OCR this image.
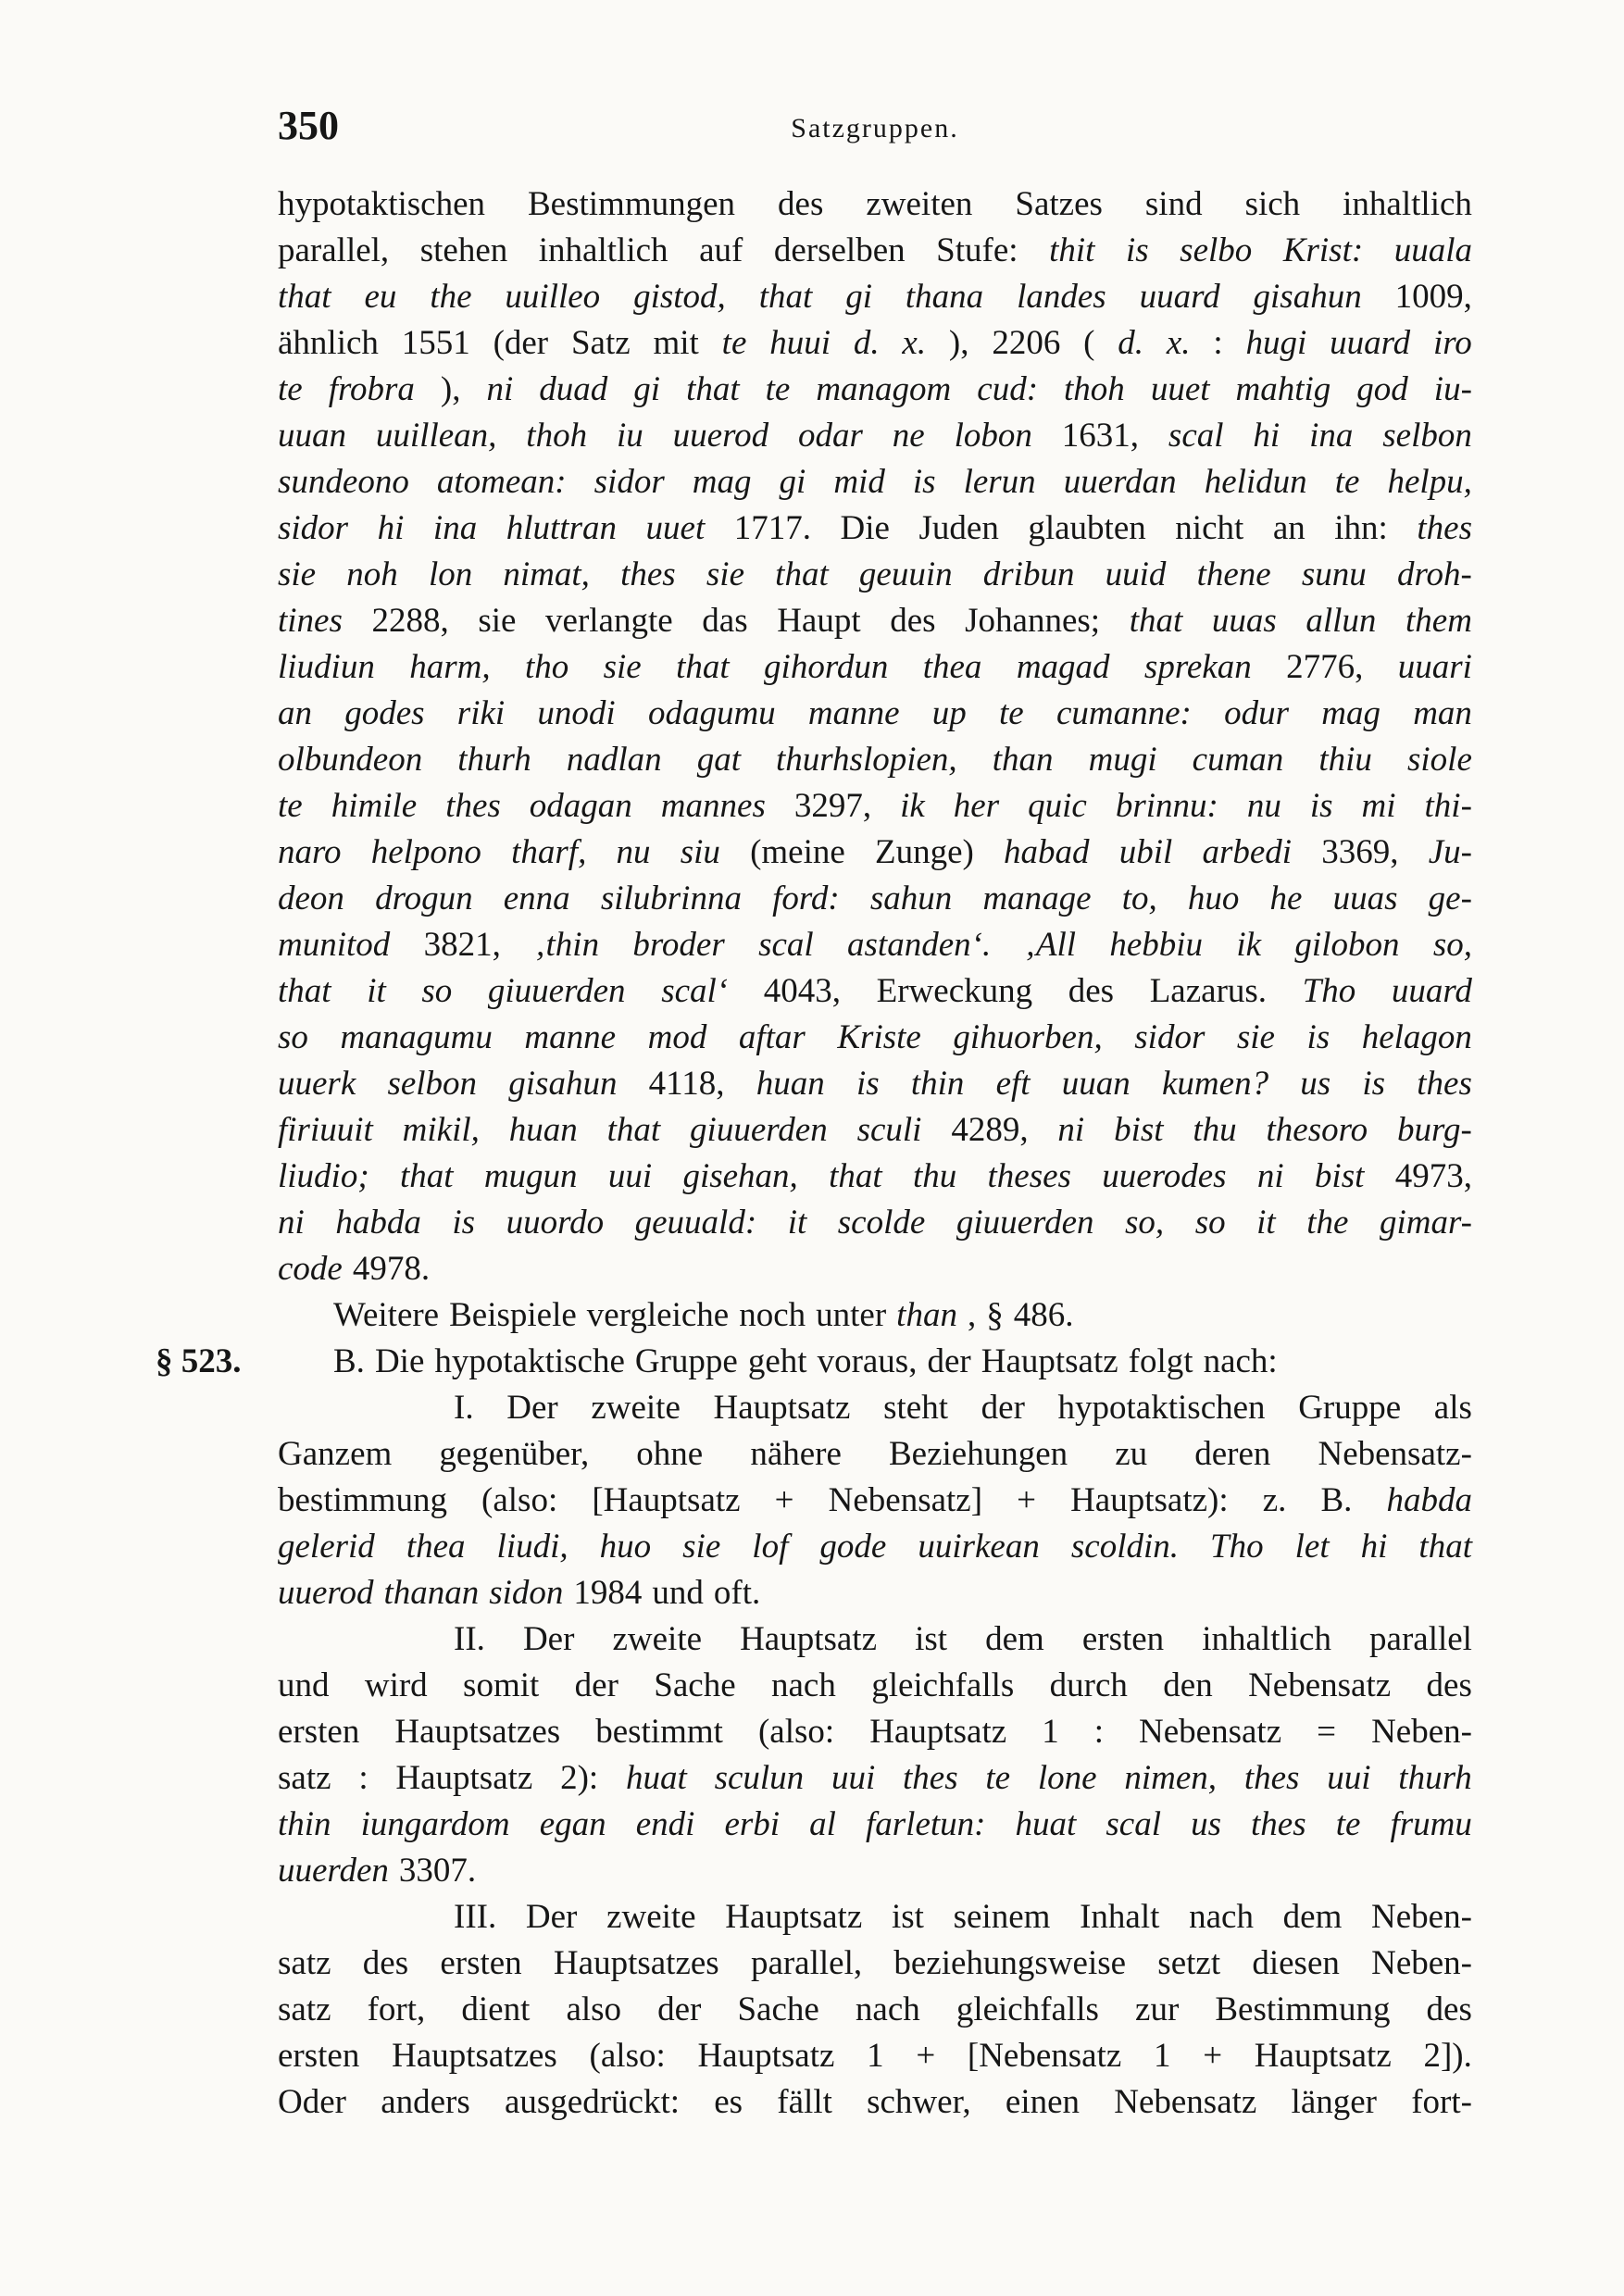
350	Satzgruppen.
hypotaktischen Bestimmungen des zweiten Satzes sind sich inhaltlich
parallel, stehen inhaltlich auf derselben Stufe: thit is selbo Krist: uuala
that eu the uuilleo gistod, that gi thana landes uuard gisahun 1009,
ähnlich 1551 (der Satz mit te huui d. x. ), 2206 ( d. x. : hugi uuard iro
te frobra ), ni duad gi that te managom cud: thoh uuet mahtig god iu-
uuan uuillean, thoh iu uuerod odar ne lobon 1631, scal hi ina selbon
sundeono atomean: sidor mag gi mid is lerun uuerdan helidun te helpu,
sidor hi ina hluttran uuet 1717. Die Juden glaubten nicht an ihn: thes
sie noh lon nimat, thes sie that geuuin dribun uuid thene sunu droh-
tines 2288, sie verlangte das Haupt des Johannes; that uuas allun them
liudiun harm, tho sie that gihordun thea magad sprekan 2776, uuari
an godes riki unodi odagumu manne up te cumanne: odur mag man
olbundeon thurh nadlan gat thurhslopien, than mugi cuman thiu siole
te himile thes odagan mannes 3297, ik her quic brinnu: nu is mi thi-
naro helpono tharf, nu siu (meine Zunge) habad ubil arbedi 3369, Ju-
deon drogun enna silubrinna ford: sahun manage to, huo he uuas ge-
munitod 3821, ‚thin broder scal astanden‘. ‚All hebbiu ik gilobon so,
that it so giuuerden scal‘ 4043, Erweckung des Lazarus. Tho uuard
so managumu manne mod aftar Kriste gihuorben, sidor sie is helagon
uuerk selbon gisahun 4118, huan is thin eft uuan kumen? us is thes
firiuuit mikil, huan that giuuerden sculi 4289, ni bist thu thesoro burg-
liudio; that mugun uui gisehan, that thu theses uuerodes ni bist 4973,
ni habda is uuordo geuuald: it scolde giuuerden so, so it the gimar-
code 4978.
Weitere Beispiele vergleiche noch unter than , § 486.
§ 523.	B. Die hypotaktische Gruppe geht voraus, der Hauptsatz folgt nach:
I. Der zweite Hauptsatz steht der hypotaktischen Gruppe als
Ganzem gegenüber, ohne nähere Beziehungen zu deren Nebensatz-
bestimmung (also: [Hauptsatz + Nebensatz] + Hauptsatz): z. B. habda
gelerid thea liudi, huo sie lof gode uuirkean scoldin. Tho let hi that
uuerod thanan sidon 1984 und oft.
II. Der zweite Hauptsatz ist dem ersten inhaltlich parallel
und wird somit der Sache nach gleichfalls durch den Nebensatz des
ersten Hauptsatzes bestimmt (also: Hauptsatz 1 : Nebensatz = Neben-
satz : Hauptsatz 2): huat sculun uui thes te lone nimen, thes uui thurh
thin iungardom egan endi erbi al farletun: huat scal us thes te frumu
uuerden 3307.
III. Der zweite Hauptsatz ist seinem Inhalt nach dem Neben-
satz des ersten Hauptsatzes parallel, beziehungsweise setzt diesen Neben-
satz fort, dient also der Sache nach gleichfalls zur Bestimmung des
ersten Hauptsatzes (also: Hauptsatz 1 + [Nebensatz 1 + Hauptsatz 2]).
Oder anders ausgedrückt: es fällt schwer, einen Nebensatz länger fort-
